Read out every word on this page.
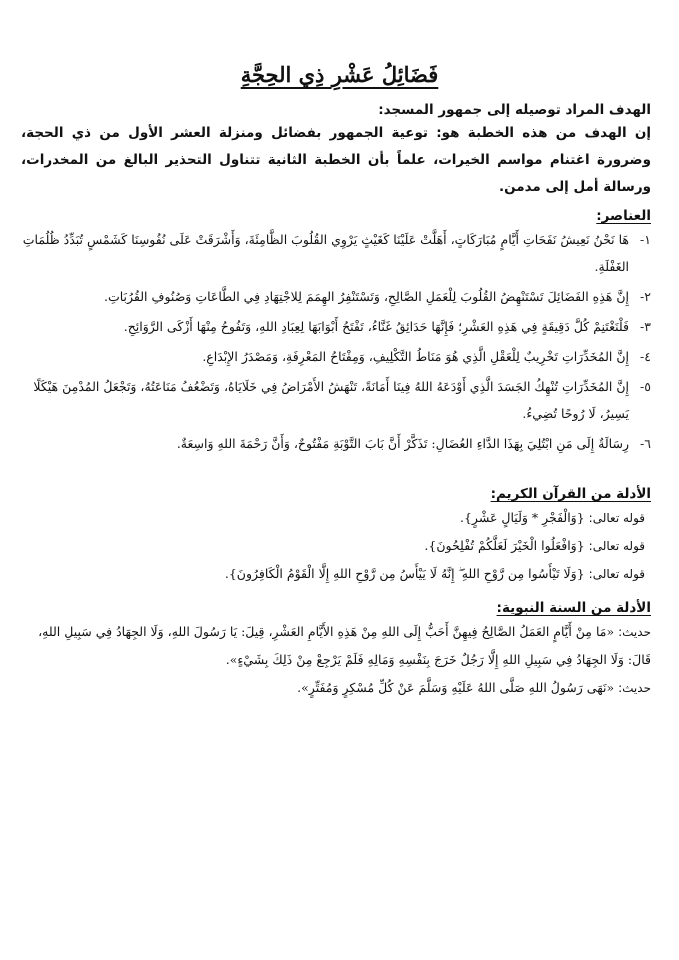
فَضَائِلُ عَشْرِ ذِي الحِجَّةِ
الهدف المراد توصيله إلى جمهور المسجد:
إن الهدف من هذه الخطبة هو: توعية الجمهور بفضائل ومنزلة العشر الأول من ذي الحجة، وضرورة اغتنام مواسم الخيرات، علماً بأن الخطبة الثانية تتناول التحذير البالغ من المخدرات، ورسالة أمل إلى مدمن.
العناصر:
١-
هَا نَحْنُ نَعِيشُ نَفَحَاتِ أَيَّامٍ مُبَارَكَاتٍ، أَهَلَّتْ عَلَيْنَا كَغَيْثٍ يَرْوِي القُلُوبَ الظَّامِئَةَ، وَأَشْرَقَتْ عَلَى نُفُوسِنَا كَشَمْسٍ تُبَدِّدُ ظُلُمَاتِ الغَفْلَةِ.
٢-
إِنَّ هَذِهِ الفَضَائِلَ تَسْتَنْهِضُ القُلُوبَ لِلْعَمَلِ الصَّالِحِ، وَتَسْتَنْفِرُ الهِمَمَ لِلاجْتِهَادِ فِي الطَّاعَاتِ وَصُنُوفِ القُرُبَاتِ.
٣-
فَلْنَغْتَنِمْ كُلَّ دَقِيقَةٍ فِي هَذِهِ العَشْرِ؛ فَإِنَّهَا حَدَائِقُ غَنَّاءُ، تَفْتَحُ أَبْوَابَهَا لِعِبَادِ اللهِ، وَتَفُوحُ مِنْهَا أَزْكَى الرَّوَائِحِ.
٤-
إِنَّ المُخَدِّرَاتِ تَخْرِيبٌ لِلْعَقْلِ الَّذِي هُوَ مَنَاطُ التَّكْلِيفِ، وَمِفْتَاحُ المَعْرِفَةِ، وَمَصْدَرُ الإِبْدَاعِ.
٥-
إِنَّ المُخَدِّرَاتِ تُنْهِكُ الجَسَدَ الَّذِي أَوْدَعَهُ اللهُ فِينَا أَمَانَةً، تَنْهَشُ الأَمْرَاضُ فِي خَلَايَاهُ، وَتَضْعُفُ مَنَاعَتُهُ، وَتَجْعَلُ المُدْمِنَ هَيْكَلًا يَسِيرُ، لَا رُوحًا تُضِيءُ.
٦-
رِسَالَةٌ إِلَى مَنِ ابْتُلِيَ بِهَذَا الدَّاءِ العُضَالِ: تَذَكَّرْ أَنَّ بَابَ التَّوْبَةِ مَفْتُوحٌ، وَأَنَّ رَحْمَةَ اللهِ وَاسِعَةٌ.
الأدلة من القرآن الكريم:
قوله تعالى:{وَالْفَجْرِ * وَلَيَالٍ عَشْرٍ}.
قوله تعالى:{وَافْعَلُوا الْخَيْرَ لَعَلَّكُمْ تُفْلِحُونَ}.
قوله تعالى:{وَلَا تَيْأَسُوا مِن رَّوْحِ اللهِ ۖ إِنَّهُ لَا يَيْأَسُ مِن رَّوْحِ اللهِ إِلَّا الْقَوْمُ الْكَافِرُونَ}.
الأدلة من السنة النبوية:
حديث:«مَا مِنْ أَيَّامٍ العَمَلُ الصَّالِحُ فِيهِنَّ أَحَبُّ إِلَى اللهِ مِنْ هَذِهِ الأَيَّامِ العَشْرِ، قِيلَ: يَا رَسُولَ اللهِ، وَلَا الجِهَادُ فِي سَبِيلِ اللهِ، قَالَ: وَلَا الجِهَادُ فِي سَبِيلِ اللهِ إِلَّا رَجُلٌ خَرَجَ بِنَفْسِهِ وَمَالِهِ فَلَمْ يَرْجِعْ مِنْ ذَلِكَ بِشَيْءٍ».
حديث:«نَهَى رَسُولُ اللهِ صَلَّى اللهُ عَلَيْهِ وَسَلَّمَ عَنْ كُلِّ مُسْكِرٍ وَمُفَتِّرٍ».
